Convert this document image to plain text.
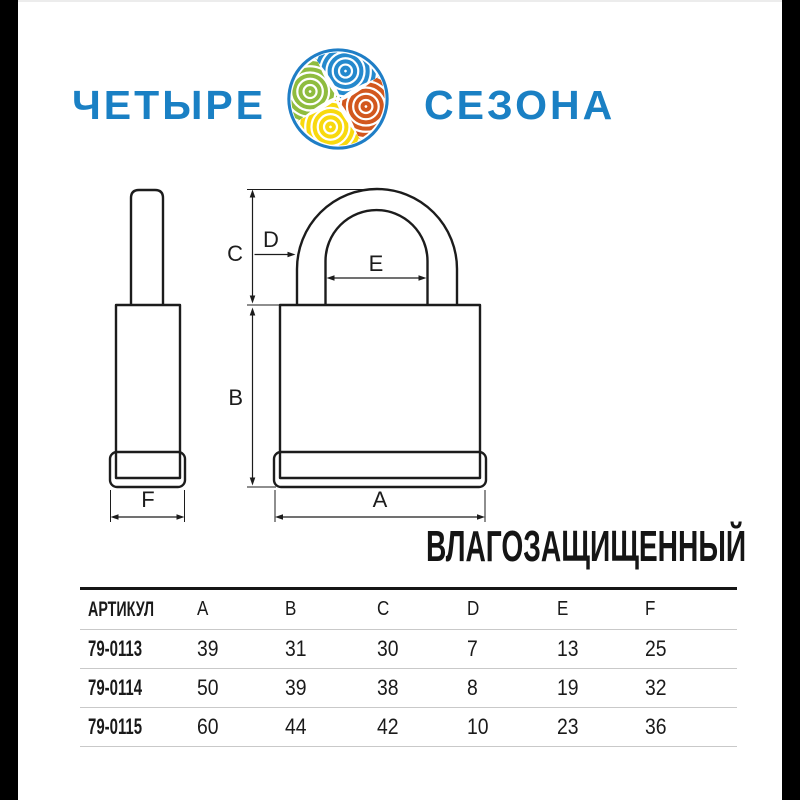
ЧЕТЫРЕ	СЕЗОНА
F
C
D
E
B
A
ВЛАГОЗАЩИЩЕННЫЙ
АРТИКУЛ	A	B	C	D	E	F
79-0113	39	31	30	7	13	25
79-0114	50	39	38	8	19	32
79-0115	60	44	42	10	23	36
